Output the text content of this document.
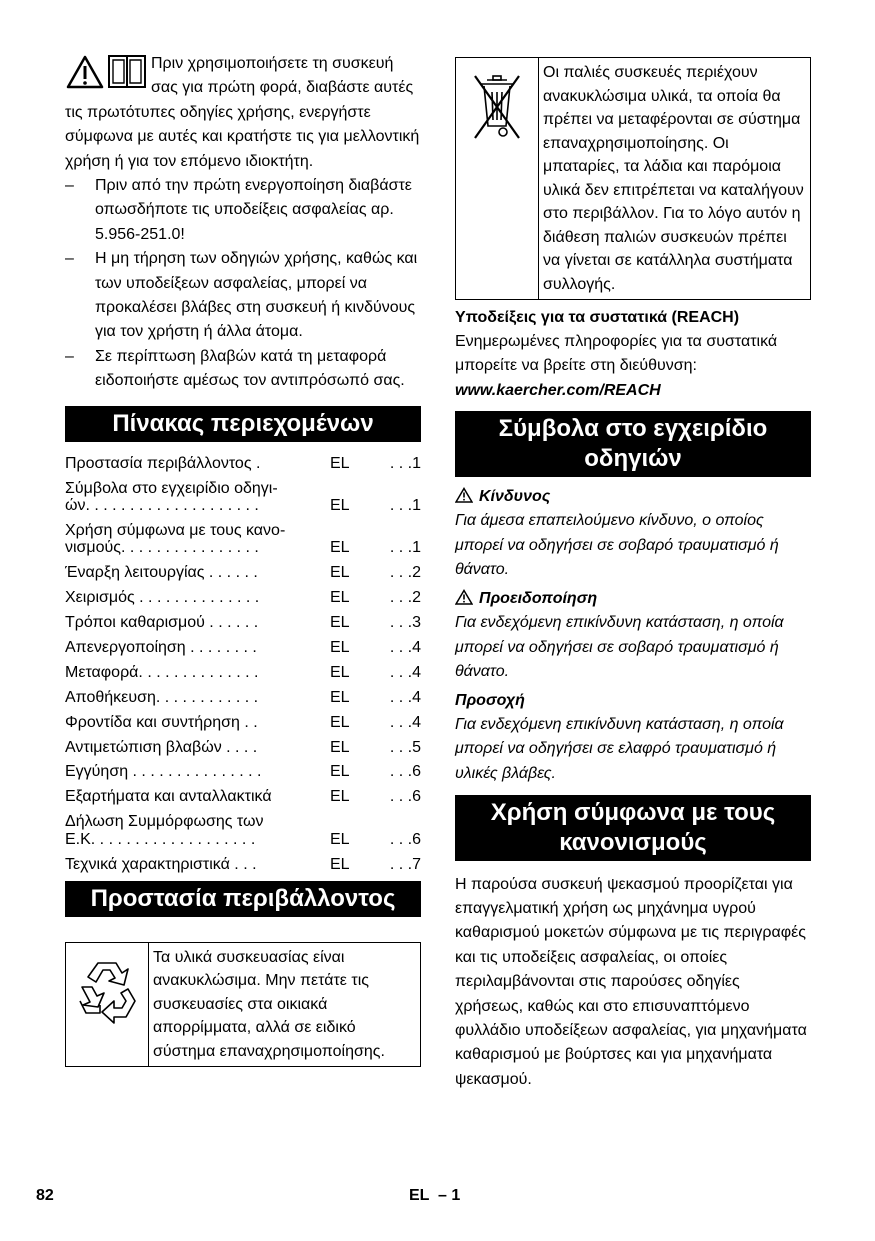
Πριν χρησιμοποιήσετε τη συσκευή σας για πρώτη φορά, διαβάστε αυτές τις πρωτότυπες οδηγίες χρήσης, ενεργήστε σύμφωνα με αυτές και κρατήστε τις για μελλοντική χρήση ή για τον επόμενο ιδιοκτήτη.

– Πριν από την πρώτη ενεργοποίηση διαβάστε οπωσδήποτε τις υποδείξεις ασφαλείας αρ. 5.956-251.0!
– Η μη τήρηση των οδηγιών χρήσης, καθώς και των υποδείξεων ασφαλείας, μπορεί να προκαλέσει βλάβες στη συσκευή ή κινδύνους για τον χρήστη ή άλλα άτομα.
– Σε περίπτωση βλαβών κατά τη μεταφορά ειδοποιήστε αμέσως τον αντιπρόσωπό σας.
Πίνακας περιεχομένων
Προστασία περιβάλλοντος .	EL	. . .1
Σύμβολα στο εγχειρίδιο οδηγι-
ών. . . . . . . . . . . . . . . . . . . .	EL	. . .1
Χρήση σύμφωνα με τους κανο-
νισμούς. . . . . . . . . . . . . . . .	EL	. . .1
Έναρξη λειτουργίας . . . . . .	EL	. . .2
Χειρισμός . . . . . . . . . . . . . .	EL	. . .2
Τρόποι καθαρισμού . . . . . .	EL	. . .3
Απενεργοποίηση . . . . . . . .	EL	. . .4
Μεταφορά. . . . . . . . . . . . . .	EL	. . .4
Αποθήκευση. . . . . . . . . . . .	EL	. . .4
Φροντίδα και συντήρηση . .	EL	. . .4
Αντιμετώπιση βλαβών . . . .	EL	. . .5
Εγγύηση . . . . . . . . . . . . . . .	EL	. . .6
Εξαρτήματα και ανταλλακτικά	EL	. . .6
Δήλωση Συμμόρφωσης των
Ε.Κ. . . . . . . . . . . . . . . . . . .	EL	. . .6
Τεχνικά χαρακτηριστικά . . .	EL	. . .7
Προστασία περιβάλλοντος
Τα υλικά συσκευασίας είναι ανακυκλώσιμα. Μην πετάτε τις συσκευασίες στα οικιακά απορρίμματα, αλλά σε ειδικό σύστημα επαναχρησιμοποίησης.
Οι παλιές συσκευές περιέχουν ανακυκλώσιμα υλικά, τα οποία θα πρέπει να μεταφέρονται σε σύστημα επαναχρησιμοποίησης. Οι μπαταρίες, τα λάδια και παρόμοια υλικά δεν επιτρέπεται να καταλήγουν στο περιβάλλον. Για το λόγο αυτόν η διάθεση παλιών συσκευών πρέπει να γίνεται σε κατάλληλα συστήματα συλλογής.
Υποδείξεις για τα συστατικά (REACH)

Ενημερωμένες πληροφορίες για τα συστατικά μπορείτε να βρείτε στη διεύθυνση:
www.kaercher.com/REACH

Σύμβολα στο εγχειρίδιο οδηγιών
Κίνδυνος

Για άμεσα επαπειλούμενο κίνδυνο, ο οποίος μπορεί να οδηγήσει σε σοβαρό τραυματισμό ή θάνατο.

Προειδοποίηση

Για ενδεχόμενη επικίνδυνη κατάσταση, η οποία μπορεί να οδηγήσει σε σοβαρό τραυματισμό ή θάνατο.

Προσοχή

Για ενδεχόμενη επικίνδυνη κατάσταση, η οποία μπορεί να οδηγήσει σε ελαφρό τραυματισμό ή υλικές βλάβες.

Χρήση σύμφωνα με τους κανονισμούς

Η παρούσα συσκευή ψεκασμού προορίζεται για επαγγελματική χρήση ως μηχάνημα υγρού καθαρισμού μοκετών σύμφωνα με τις περιγραφές και τις υποδείξεις ασφαλείας, οι οποίες περιλαμβάνονται στις παρούσες οδηγίες χρήσεως, καθώς και στο επισυναπτόμενο φυλλάδιο υποδείξεων ασφαλείας, για μηχανήματα καθαρισμού με βούρτσες και για μηχανήματα ψεκασμού.

82	EL  – 1
